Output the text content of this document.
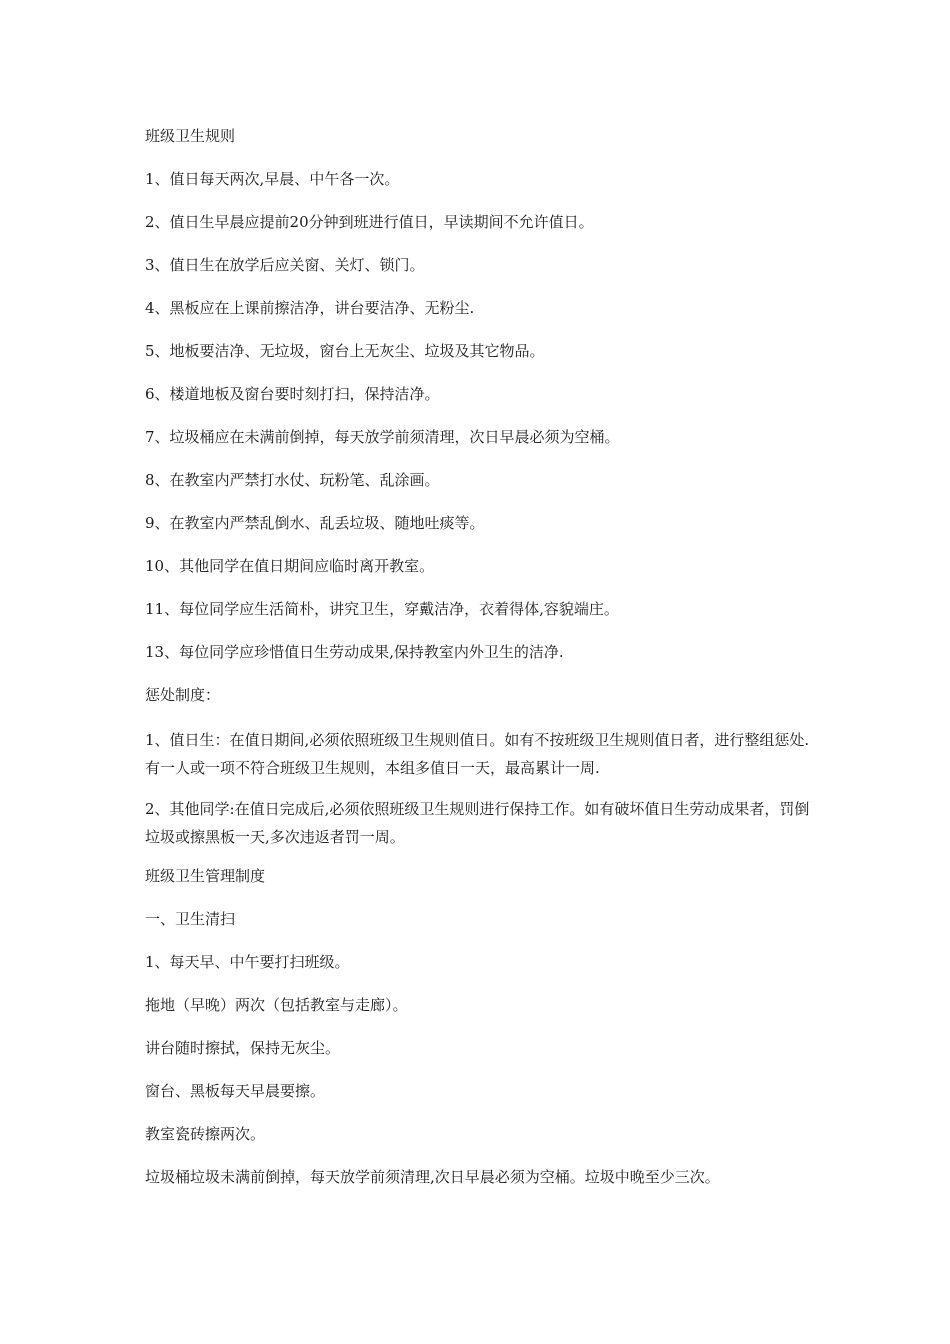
班级卫生规则

1、值日每天两次,早晨、中午各一次。

2、值日生早晨应提前20分钟到班进行值日，早读期间不允许值日。

3、值日生在放学后应关窗、关灯、锁门。

4、黑板应在上课前擦洁净，讲台要洁净、无粉尘.

5、地板要洁净、无垃圾，窗台上无灰尘、垃圾及其它物品。

6、楼道地板及窗台要时刻打扫，保持洁净。

7、垃圾桶应在未满前倒掉，每天放学前须清理，次日早晨必须为空桶。

8、在教室内严禁打水仗、玩粉笔、乱涂画。

9、在教室内严禁乱倒水、乱丢垃圾、随地吐痰等。

10、其他同学在值日期间应临时离开教室。

11、每位同学应生活简朴，讲究卫生，穿戴洁净，衣着得体,容貌端庄。

13、每位同学应珍惜值日生劳动成果,保持教室内外卫生的洁净.

惩处制度：

1、值日生：在值日期间,必须依照班级卫生规则值日。如有不按班级卫生规则值日者，进行整组惩处.有一人或一项不符合班级卫生规则，本组多值日一天，最高累计一周.

2、其他同学:在值日完成后,必须依照班级卫生规则进行保持工作。如有破坏值日生劳动成果者，罚倒垃圾或擦黑板一天,多次违返者罚一周。

班级卫生管理制度

一、卫生清扫

1、每天早、中午要打扫班级。

拖地（早晚）两次（包括教室与走廊）。

讲台随时擦拭，保持无灰尘。

窗台、黑板每天早晨要擦。

教室瓷砖擦两次。

垃圾桶垃圾未满前倒掉，每天放学前须清理,次日早晨必须为空桶。垃圾中晚至少三次。
